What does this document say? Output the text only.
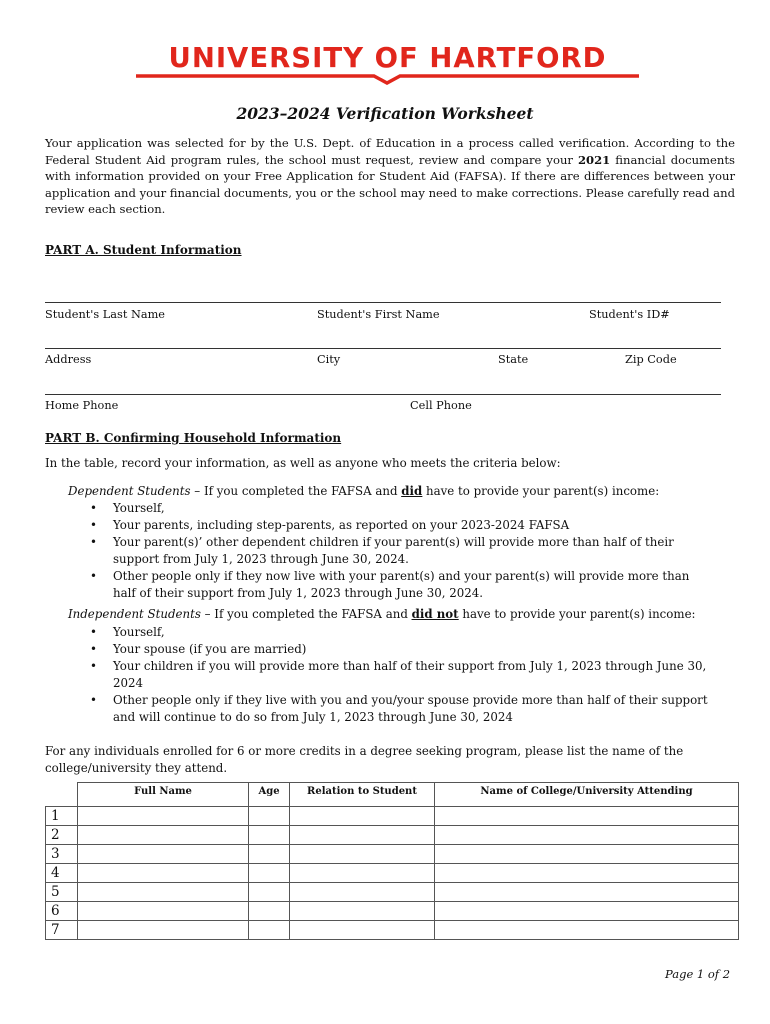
UNIVERSITY OF HARTFORD
2023–2024 Verification Worksheet
Your application was selected for by the U.S. Dept. of Education in a process called verification. According to the Federal Student Aid program rules, the school must request, review and compare your 2021 financial documents with information provided on your Free Application for Student Aid (FAFSA). If there are differences between your application and your financial documents, you or the school may need to make corrections. Please carefully read and review each section.
PART A. Student Information
Student's Last Name	Student's First Name	Student's ID#
Address	City	State	Zip Code
Home Phone	Cell Phone
PART B. Confirming Household Information
In the table, record your information, as well as anyone who meets the criteria below:
Dependent Students – If you completed the FAFSA and did have to provide your parent(s) income:
• Yourself,
• Your parents, including step-parents, as reported on your 2023-2024 FAFSA
• Your parent(s)’ other dependent children if your parent(s) will provide more than half of their support from July 1, 2023 through June 30, 2024.
• Other people only if they now live with your parent(s) and your parent(s) will provide more than half of their support from July 1, 2023 through June 30, 2024.
Independent Students – If you completed the FAFSA and did not have to provide your parent(s) income:
• Yourself,
• Your spouse (if you are married)
• Your children if you will provide more than half of their support from July 1, 2023 through June 30, 2024
• Other people only if they live with you and you/your spouse provide more than half of their support and will continue to do so from July 1, 2023 through June 30, 2024
For any individuals enrolled for 6 or more credits in a degree seeking program, please list the name of the college/university they attend.
	Full Name	Age	Relation to Student	Name of College/University Attending
1				
2				
3				
4				
5				
6				
7				
Page 1 of 2
